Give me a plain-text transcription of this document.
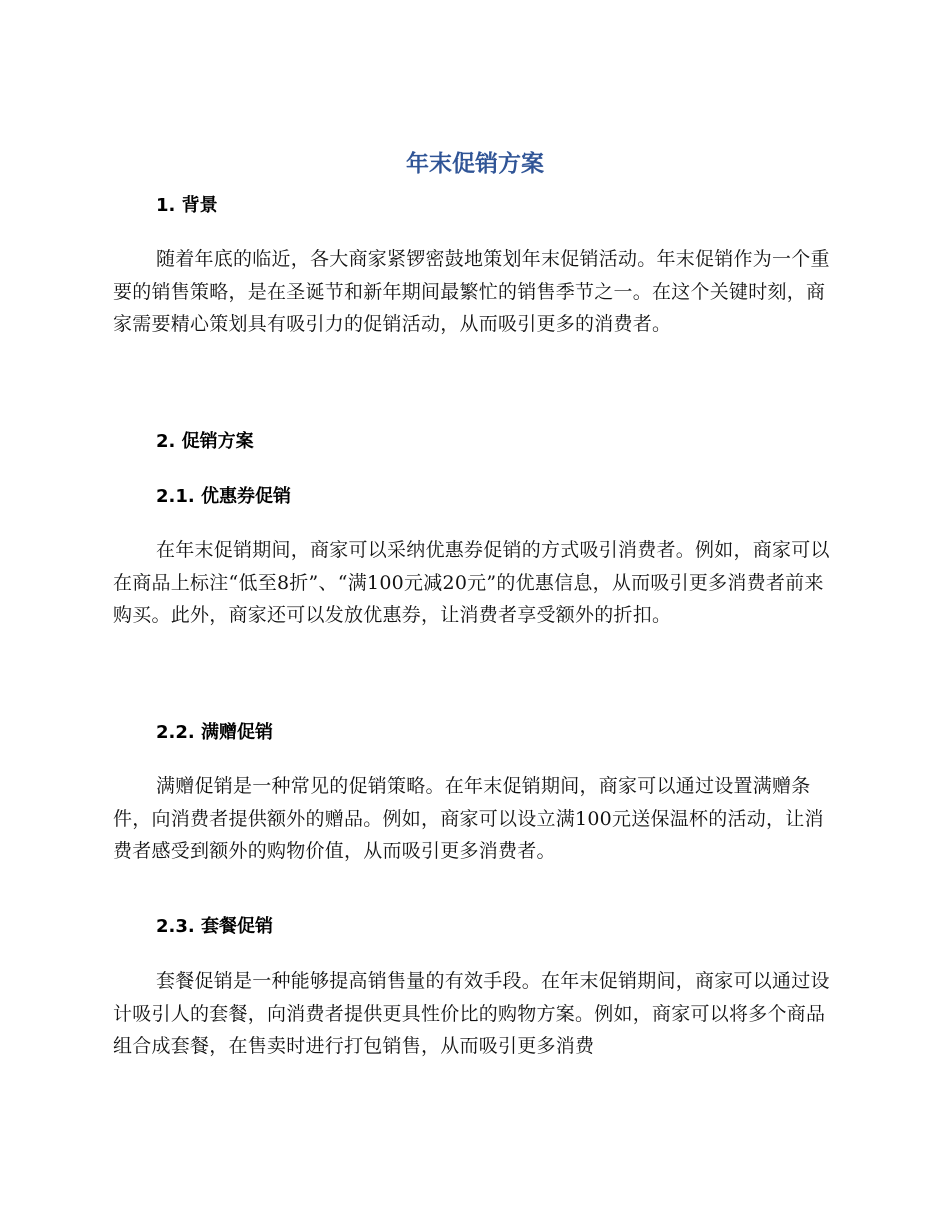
年末促销方案
1. 背景

随着年底的临近，各大商家紧锣密鼓地策划年末促销活动。年末促销作为一个重要的销售策略，是在圣诞节和新年期间最繁忙的销售季节之一。在这个关键时刻，商家需要精心策划具有吸引力的促销活动，从而吸引更多的消费者。

2. 促销方案
2.1. 优惠券促销

在年末促销期间，商家可以采纳优惠券促销的方式吸引消费者。例如，商家可以在商品上标注“低至8折”、“满100元减20元”的优惠信息，从而吸引更多消费者前来购买。此外，商家还可以发放优惠券，让消费者享受额外的折扣。

2.2. 满赠促销

满赠促销是一种常见的促销策略。在年末促销期间，商家可以通过设置满赠条件，向消费者提供额外的赠品。例如，商家可以设立满100元送保温杯的活动，让消费者感受到额外的购物价值，从而吸引更多消费者。

2.3. 套餐促销

套餐促销是一种能够提高销售量的有效手段。在年末促销期间，商家可以通过设计吸引人的套餐，向消费者提供更具性价比的购物方案。例如，商家可以将多个商品组合成套餐，在售卖时进行打包销售，从而吸引更多消费
